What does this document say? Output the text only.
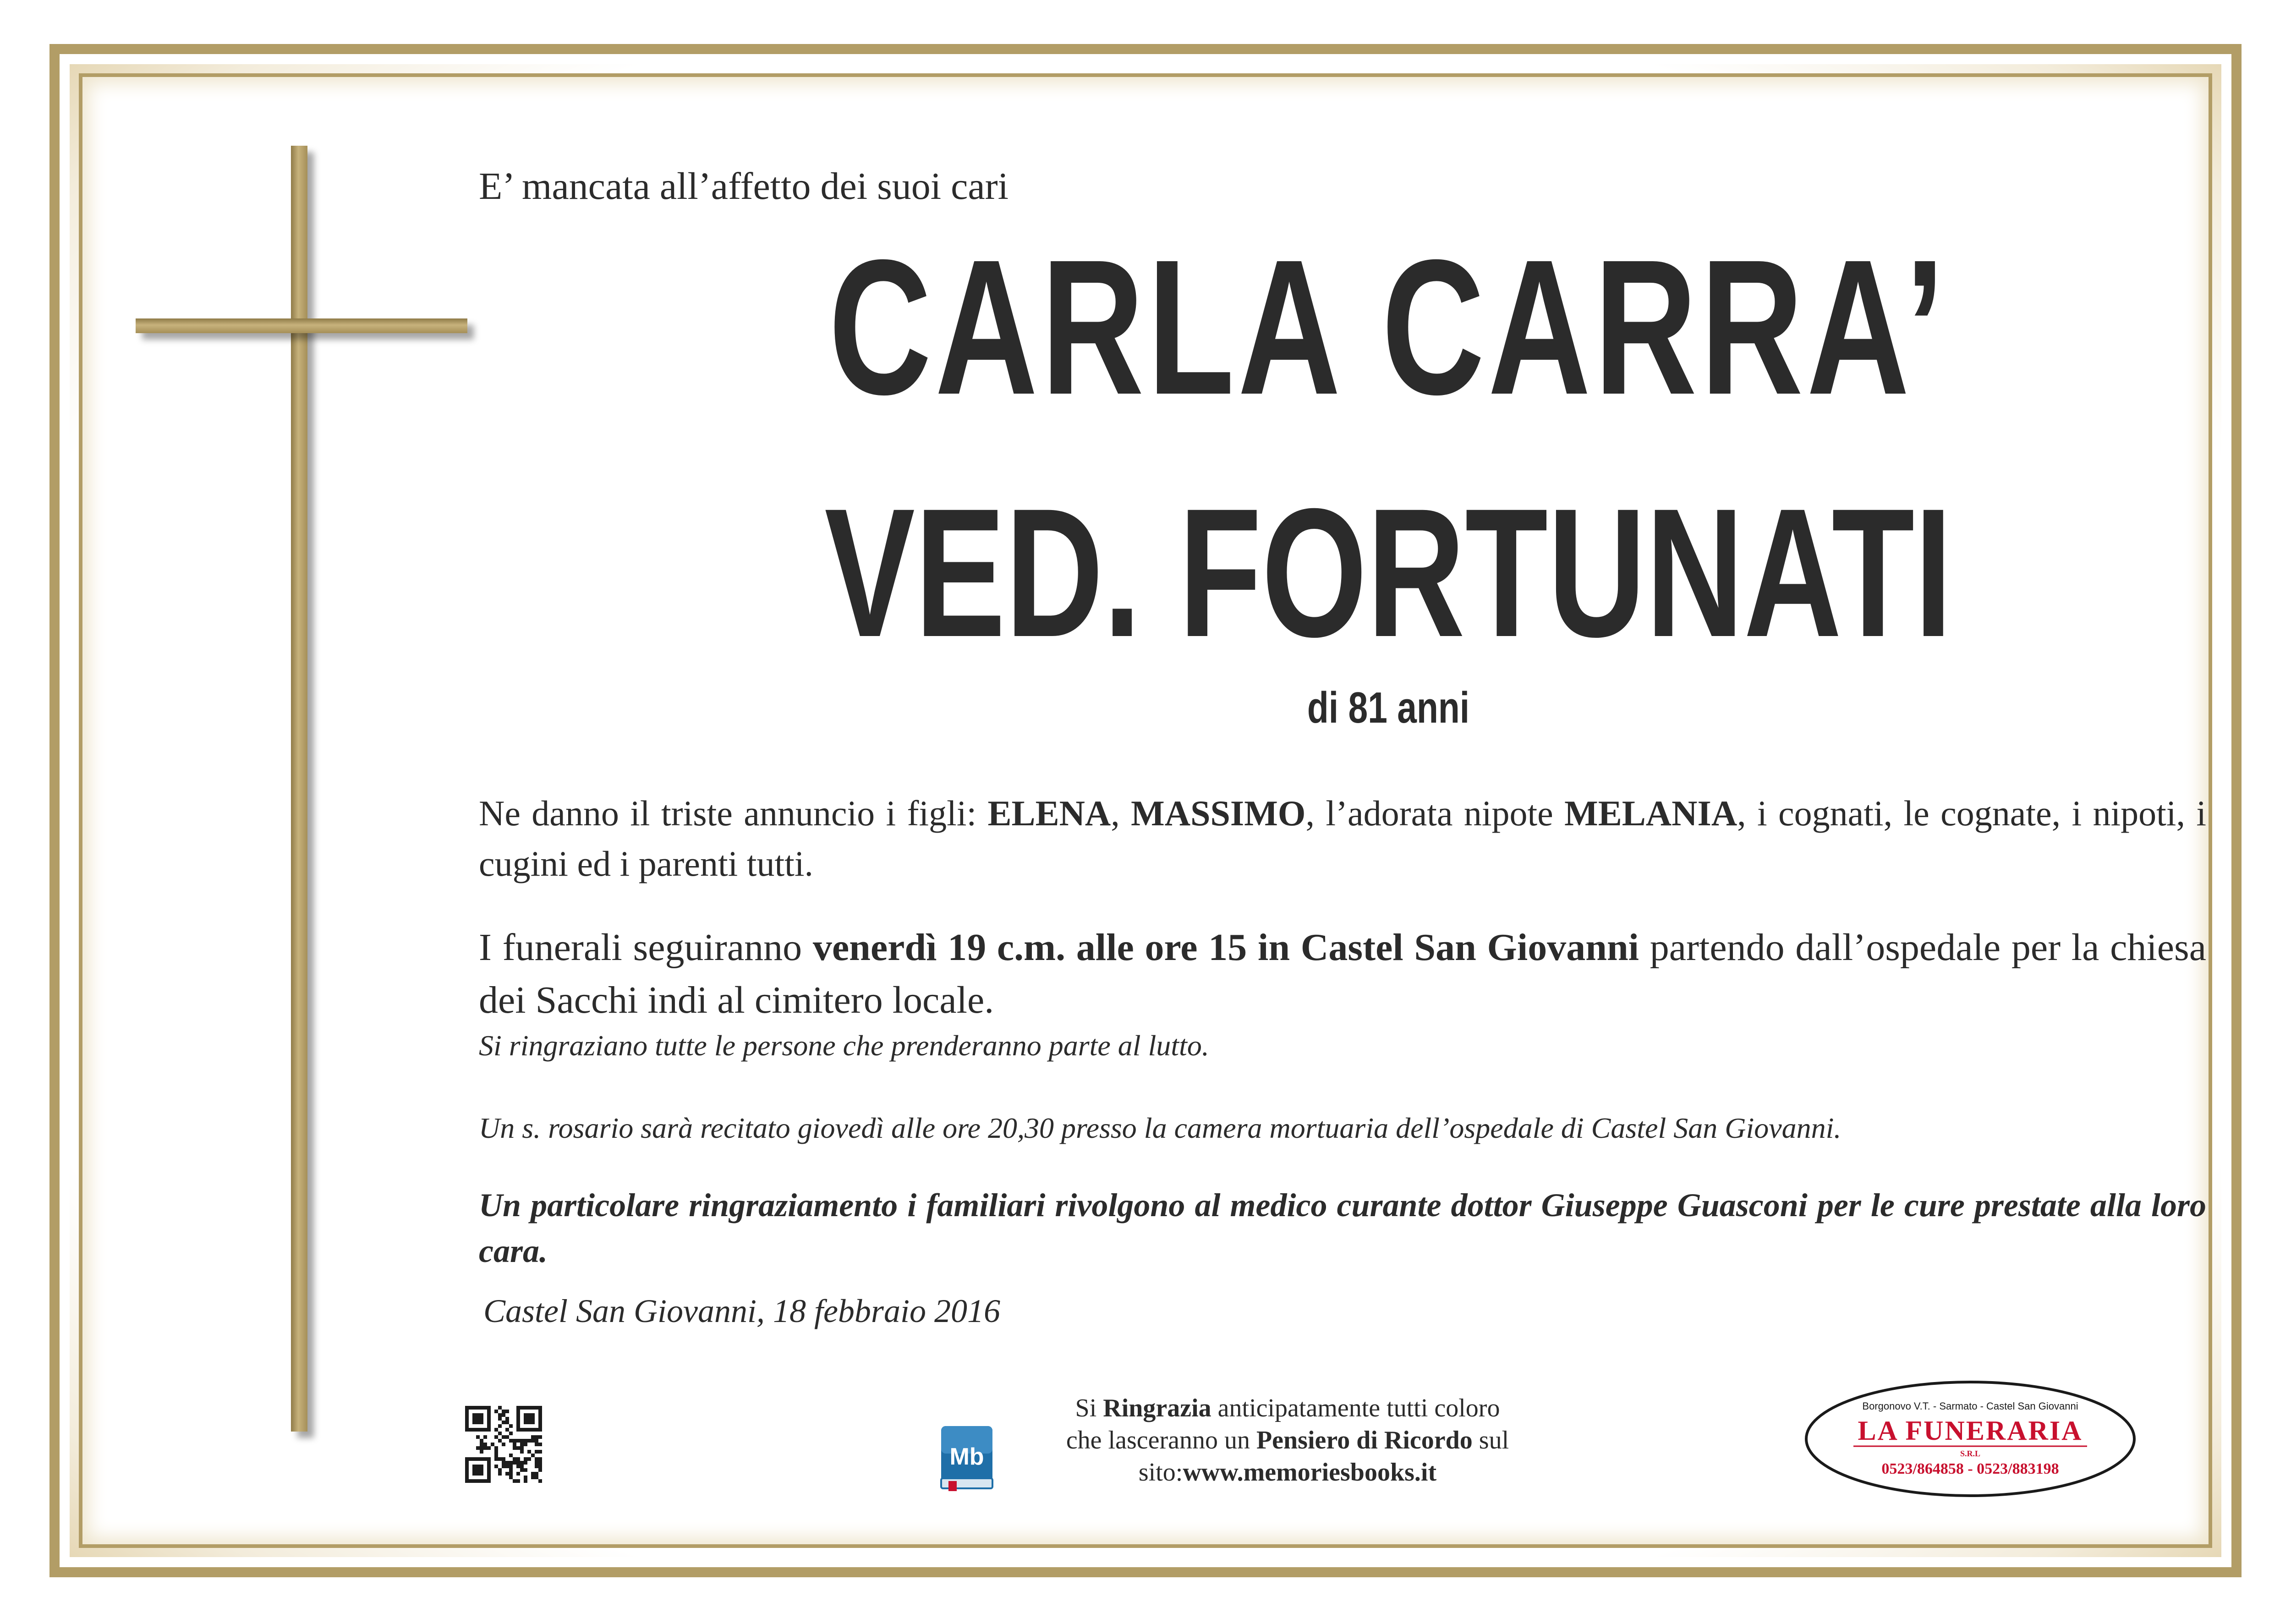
E’ mancata all’affetto dei suoi cari
CARLA CARRA’
VED. FORTUNATI
di 81 anni
Ne danno il triste annuncio i figli: ELENA, MASSIMO, l’adorata nipote MELANIA, i cognati, le cognate, i nipoti, i cugini ed i parenti tutti.
I funerali seguiranno venerdì 19 c.m. alle ore 15 in Castel San Giovanni partendo dall’ospedale per la chiesa dei Sacchi indi al cimitero locale.
Si ringraziano tutte le persone che prenderanno parte al lutto.
Un s. rosario sarà recitato giovedì alle ore 20,30 presso la camera mortuaria dell’ospedale di Castel San Giovanni.
Un particolare ringraziamento i familiari rivolgono al medico curante dottor Giuseppe Guasconi per le cure prestate alla loro cara.
Castel San Giovanni, 18 febbraio 2016
Mb
Si Ringrazia anticipatamente tutti coloro
che lasceranno un Pensiero di Ricordo sul
sito:www.memoriesbooks.it
Borgonovo V.T. - Sarmato - Castel San Giovanni
LA FUNERARIA
S.R.L
0523/864858 - 0523/883198
